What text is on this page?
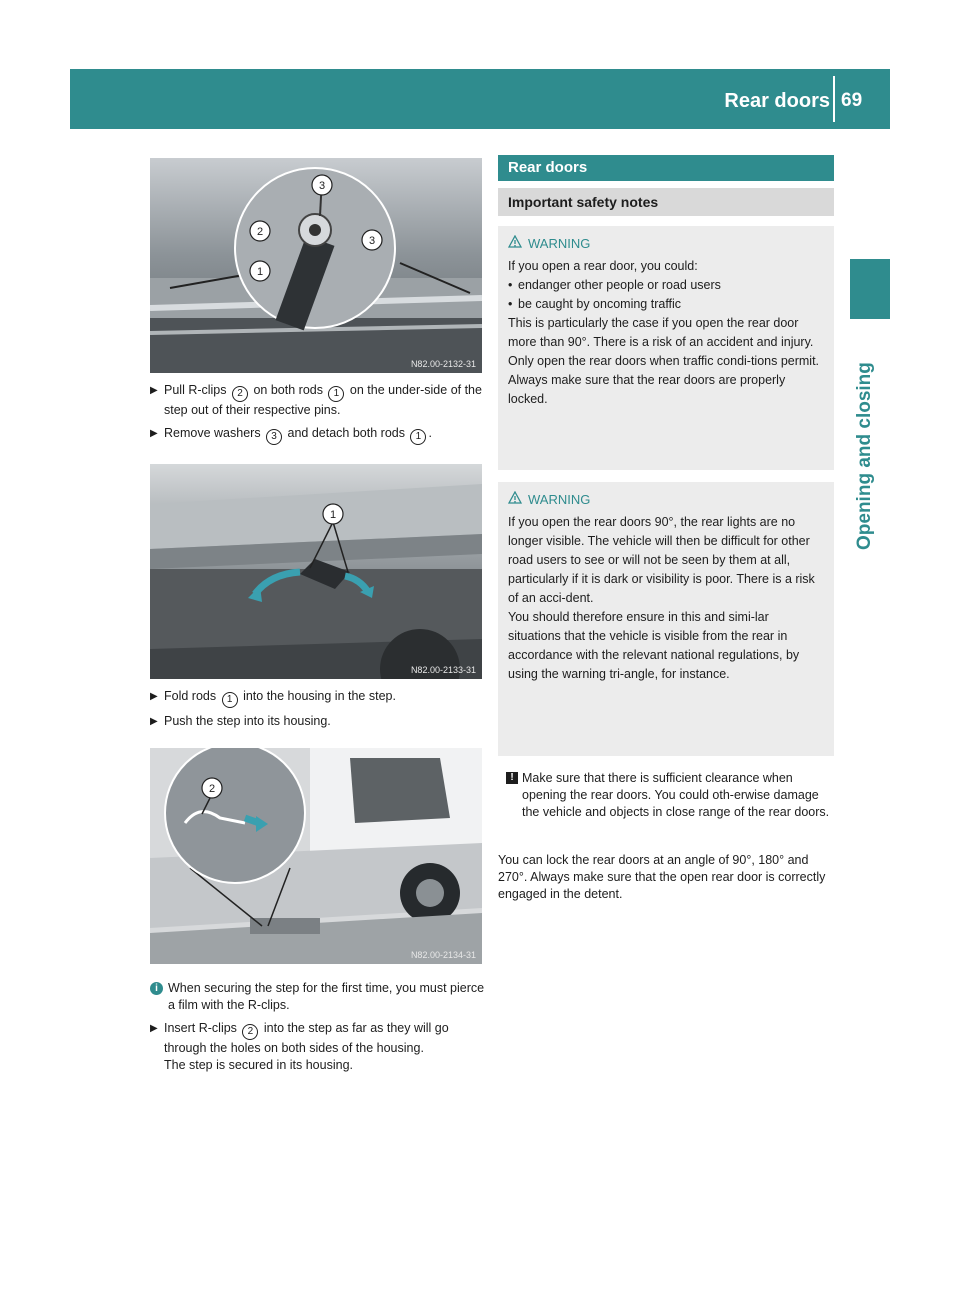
Rear doors 69
Opening and closing
3
2
3
1
N82.00-2132-31

▶ Pull R-clips 2 on both rods 1 on the under-side of the step out of their respective pins.

▶ Remove washers 3 and detach both rods 1 .

1
N82.00-2133-31

▶ Fold rods 1 into the housing in the step.

▶ Push the step into its housing.

2
N82.00-2134-31

i When securing the step for the first time, you must pierce a film with the R-clips.

▶ Insert R-clips 2 into the step as far as they will go through the holes on both sides of the housing.
The step is secured in its housing.

Rear doors
Important safety notes
WARNING

If you open a rear door, you could:

• endanger other people or road users

• be caught by oncoming traffic

This is particularly the case if you open the rear door more than 90°. There is a risk of an accident and injury.

Only open the rear doors when traffic condi-tions permit. Always make sure that the rear doors are properly locked.

WARNING

If you open the rear doors 90°, the rear lights are no longer visible. The vehicle will then be difficult for other road users to see or will not be seen by them at all, particularly if it is dark or visibility is poor. There is a risk of an acci-dent.

You should therefore ensure in this and simi-lar situations that the vehicle is visible from the rear in accordance with the relevant national regulations, by using the warning tri-angle, for instance.

! Make sure that there is sufficient clearance when opening the rear doors. You could oth-erwise damage the vehicle and objects in close range of the rear doors.

You can lock the rear doors at an angle of 90°, 180° and 270°. Always make sure that the open rear door is correctly engaged in the detent.
